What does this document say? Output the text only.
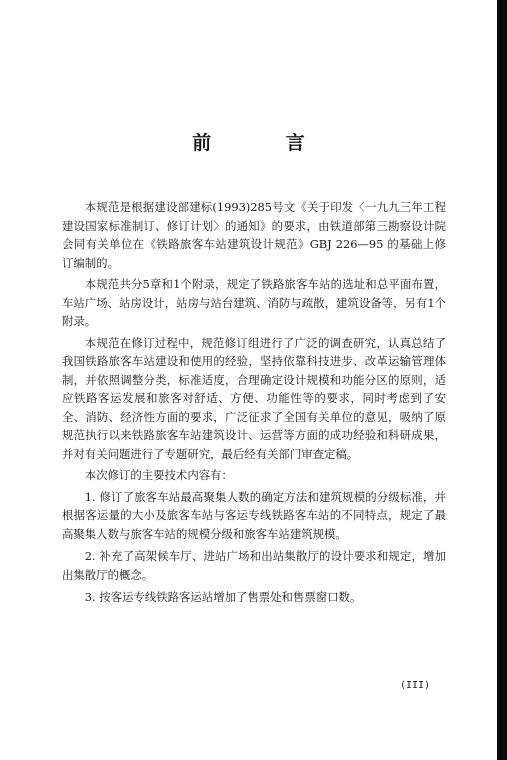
前 言

本规范是根据建设部建标(1993)285号文《关于印发〈一九九三年工程建设国家标准制订、修订计划〉的通知》的要求，由铁道部第三勘察设计院会同有关单位在《铁路旅客车站建筑设计规范》GBJ 226—95 的基础上修订编制的。

本规范共分5章和1个附录，规定了铁路旅客车站的选址和总平面布置，车站广场、站房设计，站房与站台建筑、消防与疏散，建筑设备等，另有1个附录。

本规范在修订过程中，规范修订组进行了广泛的调查研究，认真总结了我国铁路旅客车站建设和使用的经验，坚持依靠科技进步、改革运输管理体制，并依照调整分类，标准适度，合理确定设计规模和功能分区的原则，适应铁路客运发展和旅客对舒适、方便、功能性等的要求，同时考虑到了安全、消防、经济性方面的要求，广泛征求了全国有关单位的意见，吸纳了原规范执行以来铁路旅客车站建筑设计、运营等方面的成功经验和科研成果，并对有关问题进行了专题研究，最后经有关部门审查定稿。

本次修订的主要技术内容有：

1. 修订了旅客车站最高聚集人数的确定方法和建筑规模的分级标准，并根据客运量的大小及旅客车站与客运专线铁路客车站的不同特点，规定了最高聚集人数与旅客车站的规模分级和旅客车站建筑规模。

2. 补充了高架候车厅、进站广场和出站集散厅的设计要求和规定，增加出集散厅的概念。

3. 按客运专线铁路客运站增加了售票处和售票窗口数。

(III)
